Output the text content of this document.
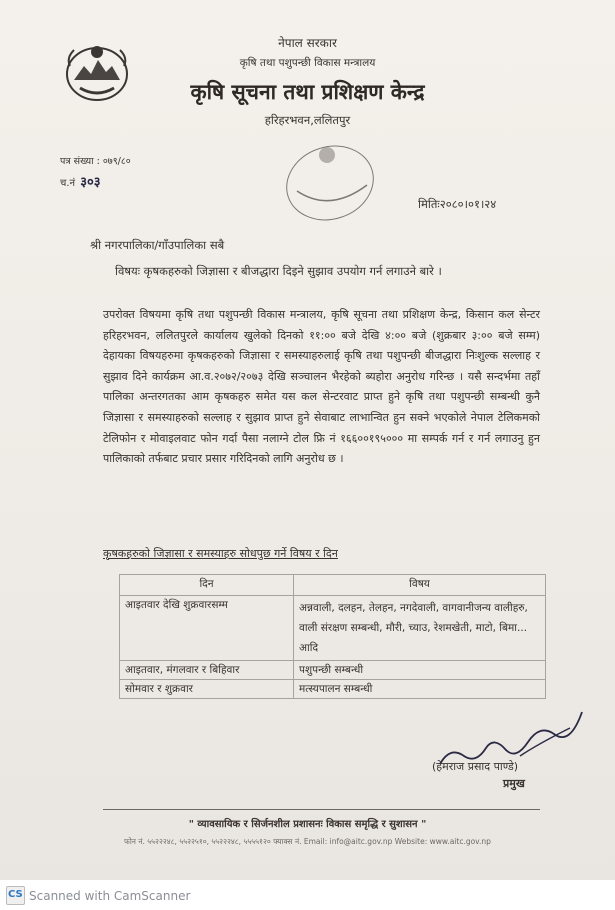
नेपाल सरकार
कृषि तथा पशुपन्छी विकास मन्त्रालय
कृषि सूचना तथा प्रशिक्षण केन्द्र
हरिहरभवन,ललितपुर
पत्र संख्या : ०७९/८०
च.नं ३०३
मितिः२०८०।०१।२४
श्री नगरपालिका/गाँउपालिका सबै
विषयः कृषकहरुको जिज्ञासा र बीजद्धारा दिइने सुझाव उपयोग गर्न लगाउने बारे ।
उपरोक्त विषयमा कृषि तथा पशुपन्छी विकास मन्त्रालय, कृषि सूचना तथा प्रशिक्षण केन्द्र, किसान कल सेन्टर हरिहरभवन, ललितपुरले कार्यालय खुलेको दिनको ११:०० बजे देखि ४:०० बजे (शुक्रबार ३:०० बजे सम्म) देहायका विषयहरुमा कृषकहरुको जिज्ञासा र समस्याहरुलाई कृषि तथा पशुपन्छी बीजद्धारा निःशुल्क सल्लाह र सुझाव दिने कार्यक्रम आ.व.२०७२/२०७३ देखि सञ्चालन भैरहेको ब्यहोरा अनुरोध गरिन्छ । यसै सन्दर्भमा तहाँ पालिका अन्तरगतका आम कृषकहरु समेत यस कल सेन्टरवाट प्राप्त हुने कृषि तथा पशुपन्छी सम्बन्धी कुनै जिज्ञासा र समस्याहरुको सल्लाह र सुझाव प्राप्त हुने सेवाबाट लाभान्वित हुन सक्ने भएकोले नेपाल टेलिकमको टेलिफोन र मोवाइलवाट फोन गर्दा पैसा नलाग्ने टोल फ्रि नं १६६००१९५००० मा सम्पर्क गर्न र गर्न लगाउनु हुन पालिकाको तर्फबाट प्रचार प्रसार गरिदिनको लागि अनुरोध छ ।
कृषकहरुको जिज्ञासा र समस्याहरु सोधपुछ गर्ने विषय र दिन
दिन	विषय
आइतवार देखि शुक्रवारसम्म	अन्नवाली, दलहन, तेलहन, नगदेवाली, वागवानीजन्य वालीहरु, वाली संरक्षण सम्बन्धी, मौरी, च्याउ, रेशमखेती, माटो, बिमा... आदि
आइतवार, मंगलवार र बिहिवार	पशुपन्छी सम्बन्धी
सोमवार र शुक्रवार	मत्स्यपालन सम्बन्धी
(हेमराज प्रसाद पाण्डे)
प्रमुख
" व्यावसायिक र सिर्जनशील प्रशासनः विकास समृद्धि र सुशासन "
फोन नं. ५५२२२४८, ५५२२५१०, ५५२२२४८, ५५५५१२० फ्याक्स नं. Email: info@aitc.gov.np Website: www.aitc.gov.np
CS Scanned with CamScanner
